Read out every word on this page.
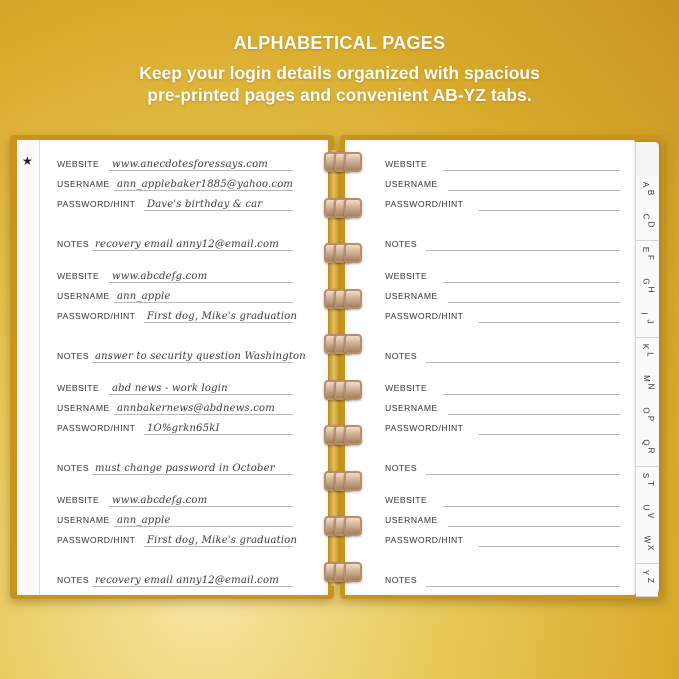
ALPHABETICAL PAGES
Keep your login details organized with spacious
pre-printed pages and convenient AB-YZ tabs.
★	WEBSITE www.anecdotesforessays.com
USERNAME ann_applebaker1885@yahoo.com
PASSWORD/HINT Dave's birthday & car
NOTES recovery email anny12@email.com
WEBSITE www.abcdefg.com
USERNAME ann_apple
PASSWORD/HINT First dog, Mike's graduation
NOTES answer to security question Washington
WEBSITE abd news - work login
USERNAME annbakernews@abdnews.com
PASSWORD/HINT 1O%grkn65kI
NOTES must change password in October
WEBSITE www.abcdefg.com
USERNAME ann_apple
PASSWORD/HINT First dog, Mike's graduation
NOTES recovery email anny12@email.com
WEBSITE
USERNAME
PASSWORD/HINT
NOTES
WEBSITE
USERNAME
PASSWORD/HINT
NOTES
WEBSITE
USERNAME
PASSWORD/HINT
NOTES
WEBSITE
USERNAME
PASSWORD/HINT
NOTES
A
B
C
D
E
F
G
H
I
J
K
L
M
N
O
P
Q
R
S
T
U
V
W
X
Y
Z
